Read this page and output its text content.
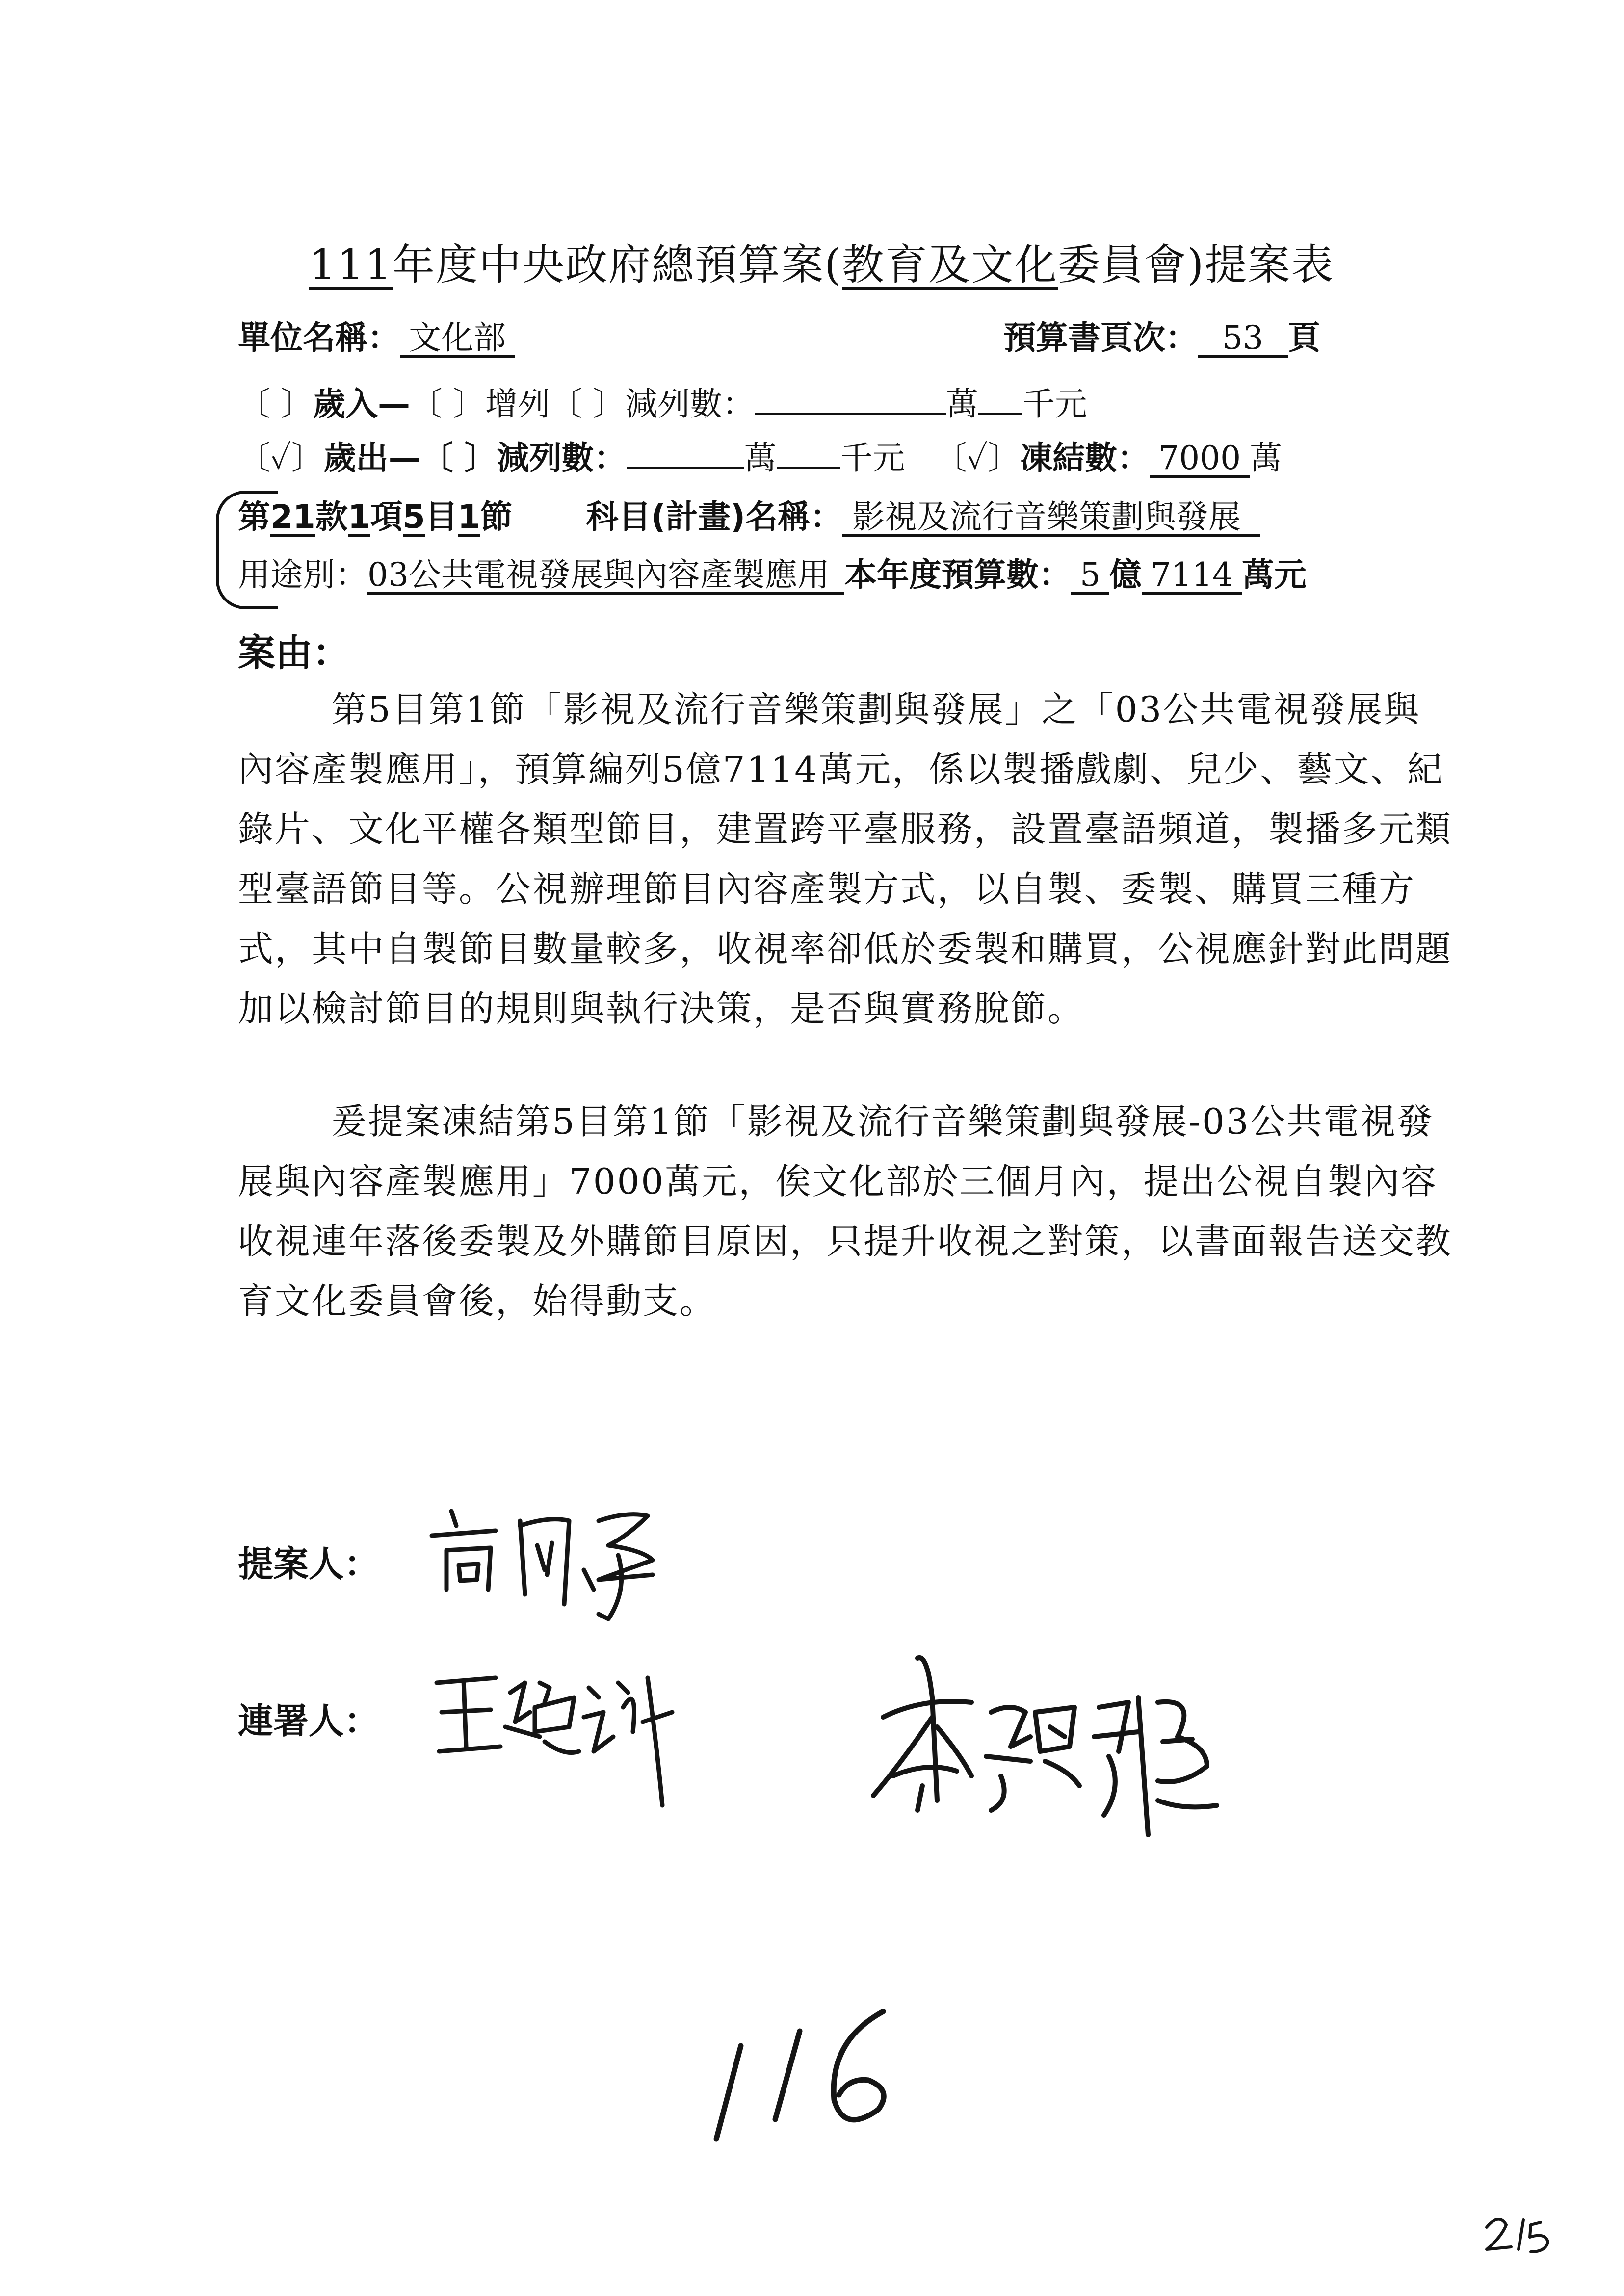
111年度中央政府總預算案(教育及文化委員會)提案表
單位名稱： 文化部	預算書頁次： 53 頁
〔 〕歲入—〔 〕增列〔 〕減列數：	萬 千元
〔✓〕歲出—〔 〕減列數：	萬 千元 〔✓〕凍結數： 7000 萬
第21款1項5目1節 科目(計畫)名稱： 影視及流行音樂策劃與發展
用途別：03公共電視發展與內容產製應用 本年度預算數： 5 億 7114 萬元
案由：
第5目第1節「影視及流行音樂策劃與發展」之「03公共電視發展與內容產製應用」，預算編列5億7114萬元，係以製播戲劇、兒少、藝文、紀錄片、文化平權各類型節目，建置跨平臺服務，設置臺語頻道，製播多元類型臺語節目等。公視辦理節目內容產製方式，以自製、委製、購買三種方式，其中自製節目數量較多，收視率卻低於委製和購買，公視應針對此問題加以檢討節目的規則與執行決策，是否與實務脫節。
爰提案凍結第5目第1節「影視及流行音樂策劃與發展-03公共電視發展與內容產製應用」7000萬元，俟文化部於三個月內，提出公視自製內容收視連年落後委製及外購節目原因，只提升收視之對策，以書面報告送交教育文化委員會後，始得動支。
提案人：
連署人：
